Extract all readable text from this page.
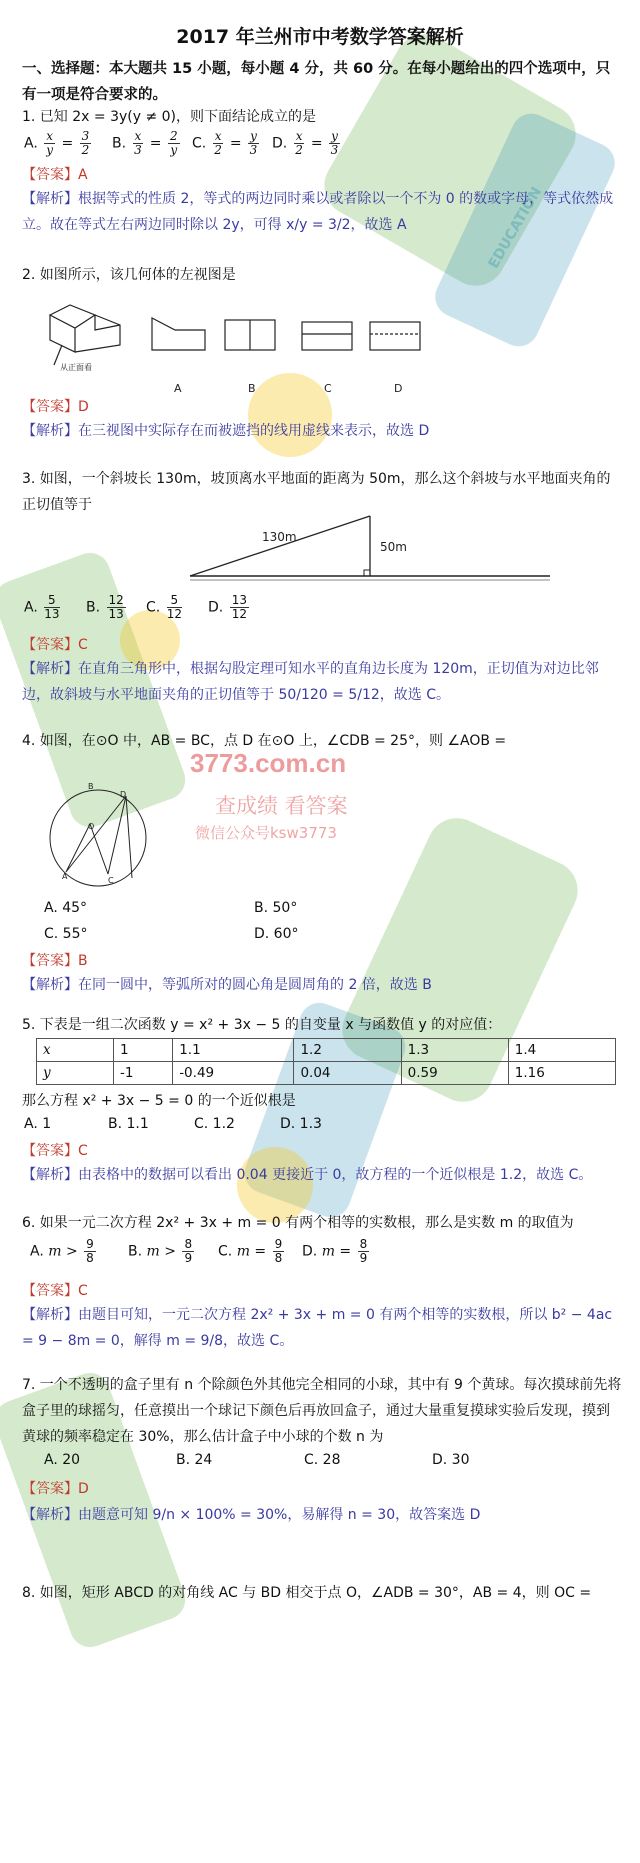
3773.com.cn
查成绩 看答案
微信公众号ksw3773
EDUCATION
2017 年兰州市中考数学答案解析
一、选择题：本大题共 15 小题，每小题 4 分，共 60 分。在每小题给出的四个选项中，只有一项是符合要求的。
1. 已知 2x = 3y(y ≠ 0)，则下面结论成立的是
A. $\frac{x}{y} = \frac{3}{2} B$. $\frac{x}{3} = \frac{2}{y} C$. $\frac{x}{2} = \frac{y}{3} D$. $\frac{x}{2} = \frac{y}{3}$
【答案】A
【解析】根据等式的性质 2，等式的两边同时乘以或者除以一个不为 0 的数或字母，等式依然成立。故在等式左右两边同时除以 2y，可得 x/y = 3/2，故选 A
2. 如图所示，该几何体的左视图是
从正面看
A	B	C	D
【答案】D
【解析】在三视图中实际存在而被遮挡的线用虚线来表示，故选 D
3. 如图，一个斜坡长 130m，坡顶离水平地面的距离为 50m，那么这个斜坡与水平地面夹角的正切值等于
130m
50m
A. $\frac{5}{13} B$. $\frac{12}{13} C$. $\frac{5}{12} D$. $\frac{13}{12}$
【答案】C
【解析】在直角三角形中，根据勾股定理可知水平的直角边长度为 120m，正切值为对边比邻边，故斜坡与水平地面夹角的正切值等于 50/120 = 5/12，故选 C。
4. 如图，在⊙O 中，AB = BC，点 D 在⊙O 上，∠CDB = 25°，则 ∠AOB =
B
D
O
A	C
A. 45°	B. 50°
C. 55°	D. 60°
【答案】B
【解析】在同一圆中，等弧所对的圆心角是圆周角的 2 倍，故选 B
5. 下表是一组二次函数 y = x² + 3x − 5 的自变量 x 与函数值 y 的对应值：
x	1	1.1	1.2	1.3	1.4
y	-1	-0.49	0.04	0.59	1.16
那么方程 x² + 3x − 5 = 0 的一个近似根是
A. 1	B. 1.1	C. 1.2	D. 1.3
【答案】C
【解析】由表格中的数据可以看出 0.04 更接近于 0，故方程的一个近似根是 1.2，故选 C。
6. 如果一元二次方程 2x² + 3x + m = 0 有两个相等的实数根，那么是实数 m 的取值为
A. $m > \frac{9}{8} B$. $m > \frac{8}{9} C$. $m = \frac{9}{8} D$. $m = \frac{8}{9}$
【答案】C
【解析】由题目可知，一元二次方程 2x² + 3x + m = 0 有两个相等的实数根，所以 b² − 4ac = 9 − 8m = 0，解得 m = 9/8，故选 C。
7. 一个不透明的盒子里有 n 个除颜色外其他完全相同的小球，其中有 9 个黄球。每次摸球前先将盒子里的球摇匀，任意摸出一个球记下颜色后再放回盒子，通过大量重复摸球实验后发现，摸到黄球的频率稳定在 30%，那么估计盒子中小球的个数 n 为
A. 20	B. 24	C. 28	D. 30
【答案】D
【解析】由题意可知 9/n × 100% = 30%，易解得 n = 30，故答案选 D
8. 如图，矩形 ABCD 的对角线 AC 与 BD 相交于点 O，∠ADB = 30°，AB = 4，则 OC =
